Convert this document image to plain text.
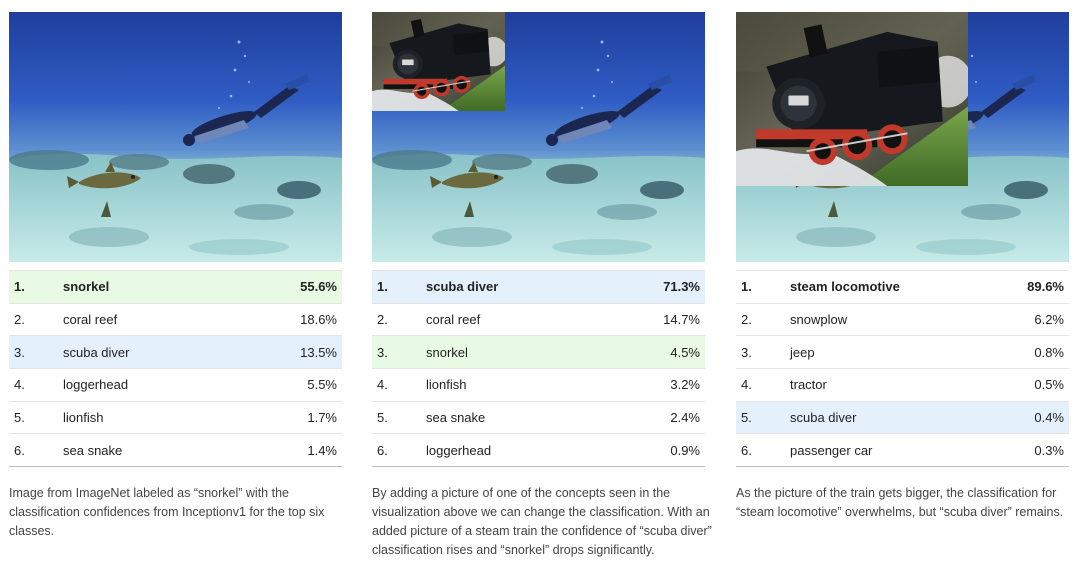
1.	snorkel	55.6%
2.	coral reef	18.6%
3.	scuba diver	13.5%
4.	loggerhead	5.5%
5.	lionfish	1.7%
6.	sea snake	1.4%
Image from ImageNet labeled as “snorkel” with the classification confidences from Inceptionv1 for the top six classes.
1.	scuba diver	71.3%
2.	coral reef	14.7%
3.	snorkel	4.5%
4.	lionfish	3.2%
5.	sea snake	2.4%
6.	loggerhead	0.9%
By adding a picture of one of the concepts seen in the visualization above we can change the classification. With an added picture of a steam train the confidence of “scuba diver” classification rises and “snorkel” drops significantly.
1.	steam locomotive	89.6%
2.	snowplow	6.2%
3.	jeep	0.8%
4.	tractor	0.5%
5.	scuba diver	0.4%
6.	passenger car	0.3%
As the picture of the train gets bigger, the classification for “steam locomotive” overwhelms, but “scuba diver” remains.
